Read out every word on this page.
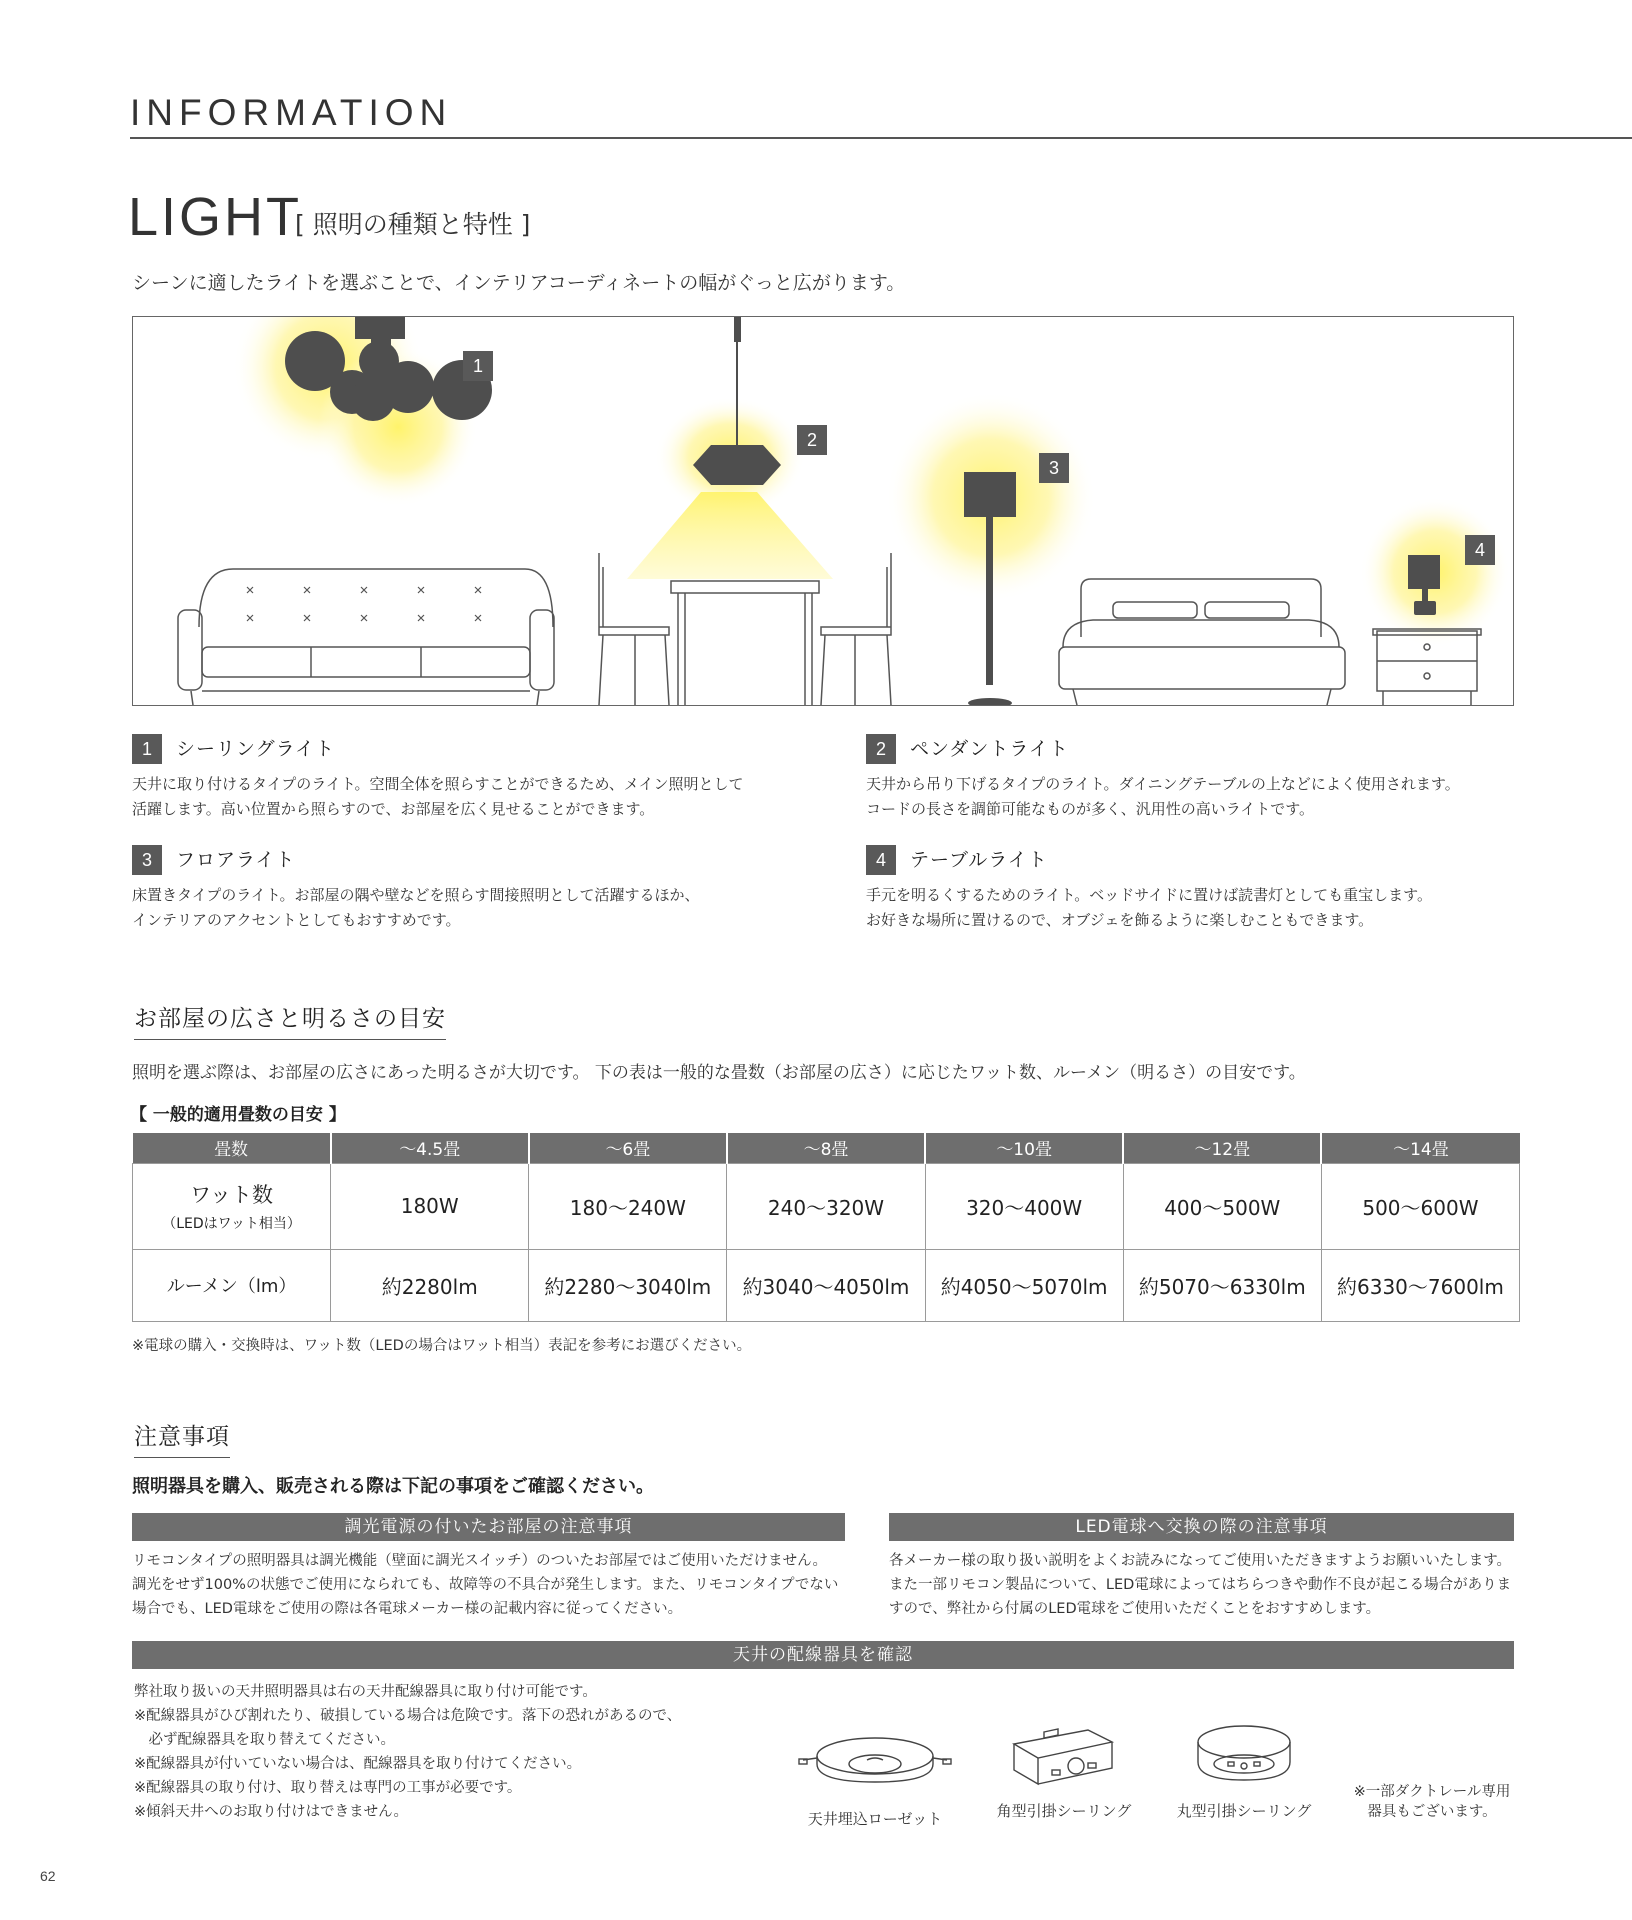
INFORMATION
LIGHT
[ 照明の種類と特性 ]
シーンに適したライトを選ぶことで、インテリアコーディネートの幅がぐっと広がります。
1
2
3
4
1	シーリングライト
天井に取り付けるタイプのライト。空間全体を照らすことができるため、メイン照明として
活躍します。高い位置から照らすので、お部屋を広く見せることができます。
2	ペンダントライト
天井から吊り下げるタイプのライト。ダイニングテーブルの上などによく使用されます。
コードの長さを調節可能なものが多く、汎用性の高いライトです。
3	フロアライト
床置きタイプのライト。お部屋の隅や壁などを照らす間接照明として活躍するほか、
インテリアのアクセントとしてもおすすめです。
4	テーブルライト
手元を明るくするためのライト。ベッドサイドに置けば読書灯としても重宝します。
お好きな場所に置けるので、オブジェを飾るように楽しむこともできます。
お部屋の広さと明るさの目安
照明を選ぶ際は、お部屋の広さにあった明るさが大切です。 下の表は一般的な畳数（お部屋の広さ）に応じたワット数、ルーメン（明るさ）の目安です。
【 一般的適用畳数の目安 】
畳数	〜4.5畳	〜6畳	〜8畳	〜10畳	〜12畳	〜14畳

ワット数
（LEDはワット相当）	180W	180〜240W	240〜320W	320〜400W	400〜500W	500〜600W
ルーメン（lm）	約2280lm	約2280〜3040lm	約3040〜4050lm	約4050〜5070lm	約5070〜6330lm	約6330〜7600lm
※電球の購入・交換時は、ワット数（LEDの場合はワット相当）表記を参考にお選びください。
注意事項
照明器具を購入、販売される際は下記の事項をご確認ください。
調光電源の付いたお部屋の注意事項
リモコンタイプの照明器具は調光機能（壁面に調光スイッチ）のついたお部屋ではご使用いただけません。
調光をせず100%の状態でご使用になられても、故障等の不具合が発生します。また、リモコンタイプでない
場合でも、LED電球をご使用の際は各電球メーカー様の記載内容に従ってください。
LED電球へ交換の際の注意事項
各メーカー様の取り扱い説明をよくお読みになってご使用いただきますようお願いいたします。
また一部リモコン製品について、LED電球によってはちらつきや動作不良が起こる場合がありま
すので、弊社から付属のLED電球をご使用いただくことをおすすめします。
天井の配線器具を確認
弊社取り扱いの天井照明器具は右の天井配線器具に取り付け可能です。
※配線器具がひび割れたり、破損している場合は危険です。落下の恐れがあるので、
　必ず配線器具を取り替えてください。
※配線器具が付いていない場合は、配線器具を取り付けてください。
※配線器具の取り付け、取り替えは専門の工事が必要です。
※傾斜天井へのお取り付けはできません。	天井埋込ローゼット	角型引掛シーリング	丸型引掛シーリング
※一部ダクトレール専用
器具もございます。
62
